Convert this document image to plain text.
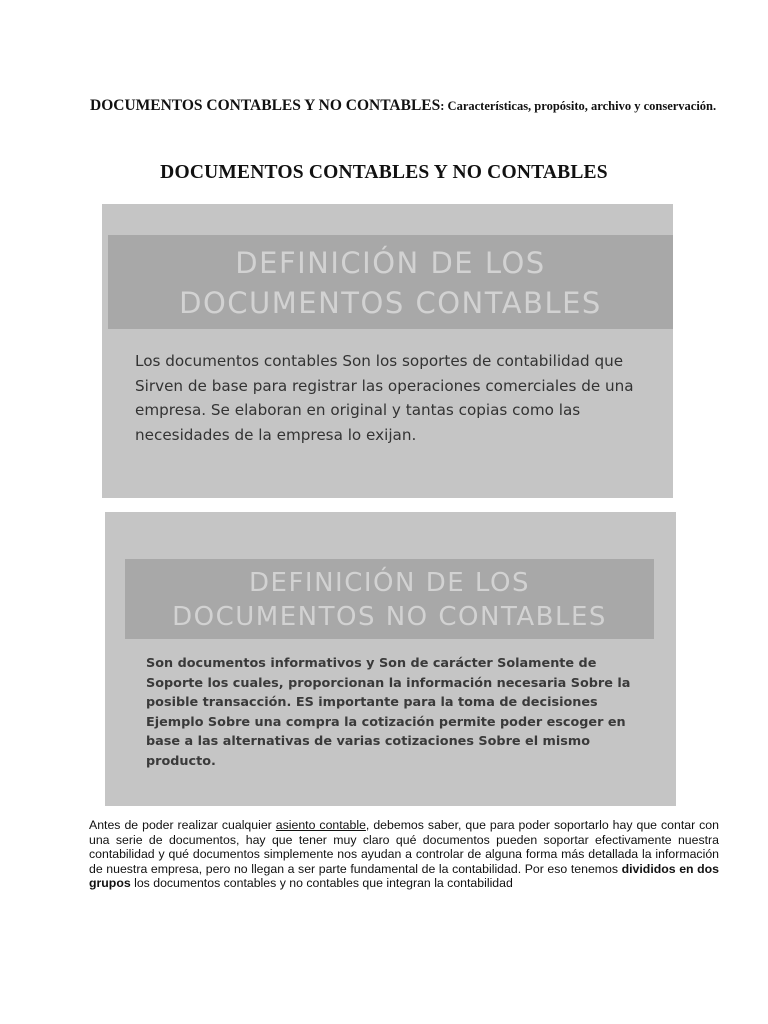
DOCUMENTOS CONTABLES Y NO CONTABLES: Características, propósito, archivo y conservación.
DOCUMENTOS CONTABLES Y NO CONTABLES
DEFINICIÓN DE LOS
DOCUMENTOS CONTABLES
Los documentos contables Son los soportes de contabilidad que Sirven de base para registrar las operaciones comerciales de una empresa. Se elaboran en original y tantas copias como las necesidades de la empresa lo exijan.
DEFINICIÓN DE LOS
DOCUMENTOS NO CONTABLES
Son documentos informativos y Son de carácter Solamente de Soporte los cuales, proporcionan la información necesaria Sobre la posible transacción. ES importante para la toma de decisiones Ejemplo Sobre una compra la cotización permite poder escoger en base a las alternativas de varias cotizaciones Sobre el mismo producto.
Antes de poder realizar cualquier asiento contable, debemos saber, que para poder soportarlo hay que contar con una serie de documentos, hay que tener muy claro qué documentos pueden soportar efectivamente nuestra contabilidad y qué documentos simplemente nos ayudan a controlar de alguna forma más detallada la información de nuestra empresa, pero no llegan a ser parte fundamental de la contabilidad. Por eso tenemos divididos en dos grupos los documentos contables y no contables que integran la contabilidad
